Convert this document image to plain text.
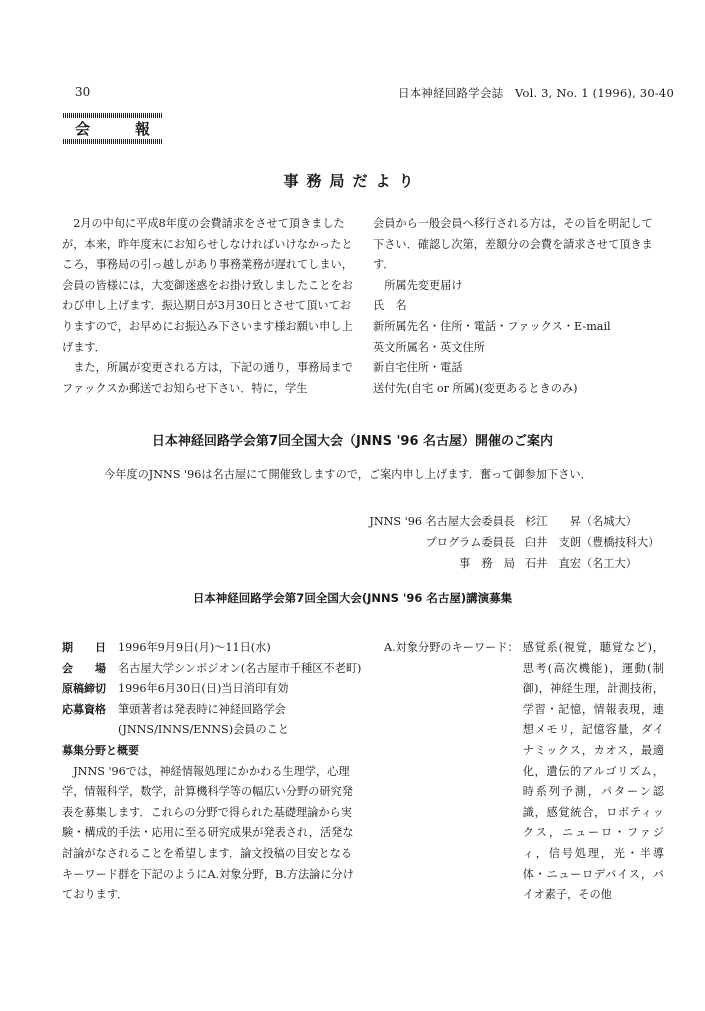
30	日本神経回路学会誌　Vol. 3, No. 1 (1996), 30-40
会	報
事務局だより

2月の中旬に平成8年度の会費請求をさせて頂きましたが，本来，昨年度末にお知らせしなければいけなかったところ，事務局の引っ越しがあり事務業務が遅れてしまい，会員の皆様には，大変御迷惑をお掛け致しましたことをおわび申し上げます．振込期日が3月30日とさせて頂いておりますので，お早めにお振込み下さいます様お願い申し上げます．

また，所属が変更される方は，下記の通り，事務局までファックスか郵送でお知らせ下さい．特に，学生

会員から一般会員へ移行される方は，その旨を明記して下さい．確認し次第，差額分の会費を請求させて頂きます．

所属先変更届け

氏　名

新所属先名・住所・電話・ファックス・E-mail

英文所属名・英文住所

新自宅住所・電話

送付先(自宅 or 所属)(変更あるときのみ)

日本神経回路学会第7回全国大会（JNNS '96 名古屋）開催のご案内
今年度のJNNS '96は名古屋にて開催致しますので，ご案内申し上げます．奮って御参加下さい．
JNNS '96 名古屋大会委員長 杉江　　昇（名城大）
プログラム委員長 臼井　支朗（豊橋技科大）
事　務　局 石井　直宏（名工大）
日本神経回路学会第7回全国大会(JNNS '96 名古屋)講演募集
期　　日	1996年9月9日(月)～11日(水)
会　　場	名古屋大学シンポジオン(名古屋市千種区不老町)
原稿締切	1996年6月30日(日)当日消印有効
応募資格	筆頭著者は発表時に神経回路学会(JNNS/INNS/ENNS)会員のこと
募集分野と概要

JNNS '96では，神経情報処理にかかわる生理学，心理学，情報科学，数学，計算機科学等の幅広い分野の研究発表を募集します．これらの分野で得られた基礎理論から実験・構成的手法・応用に至る研究成果が発表され，活発な討論がなされることを希望します．論文投稿の目安となるキーワード群を下記のようにA.対象分野，B.方法論に分けております．

A.対象分野のキーワード： 感覚系(視覚，聴覚など)，思考(高次機能)，運動(制御)，神経生理，計測技術，学習・記憶，情報表現，連想メモリ，記憶容量，ダイナミックス，カオス，最適化，遺伝的アルゴリズム，時系列予測，パターン認識，感覚統合，ロボティックス，ニューロ・ファジィ，信号処理，光・半導体・ニューロデバイス，バイオ素子，その他
